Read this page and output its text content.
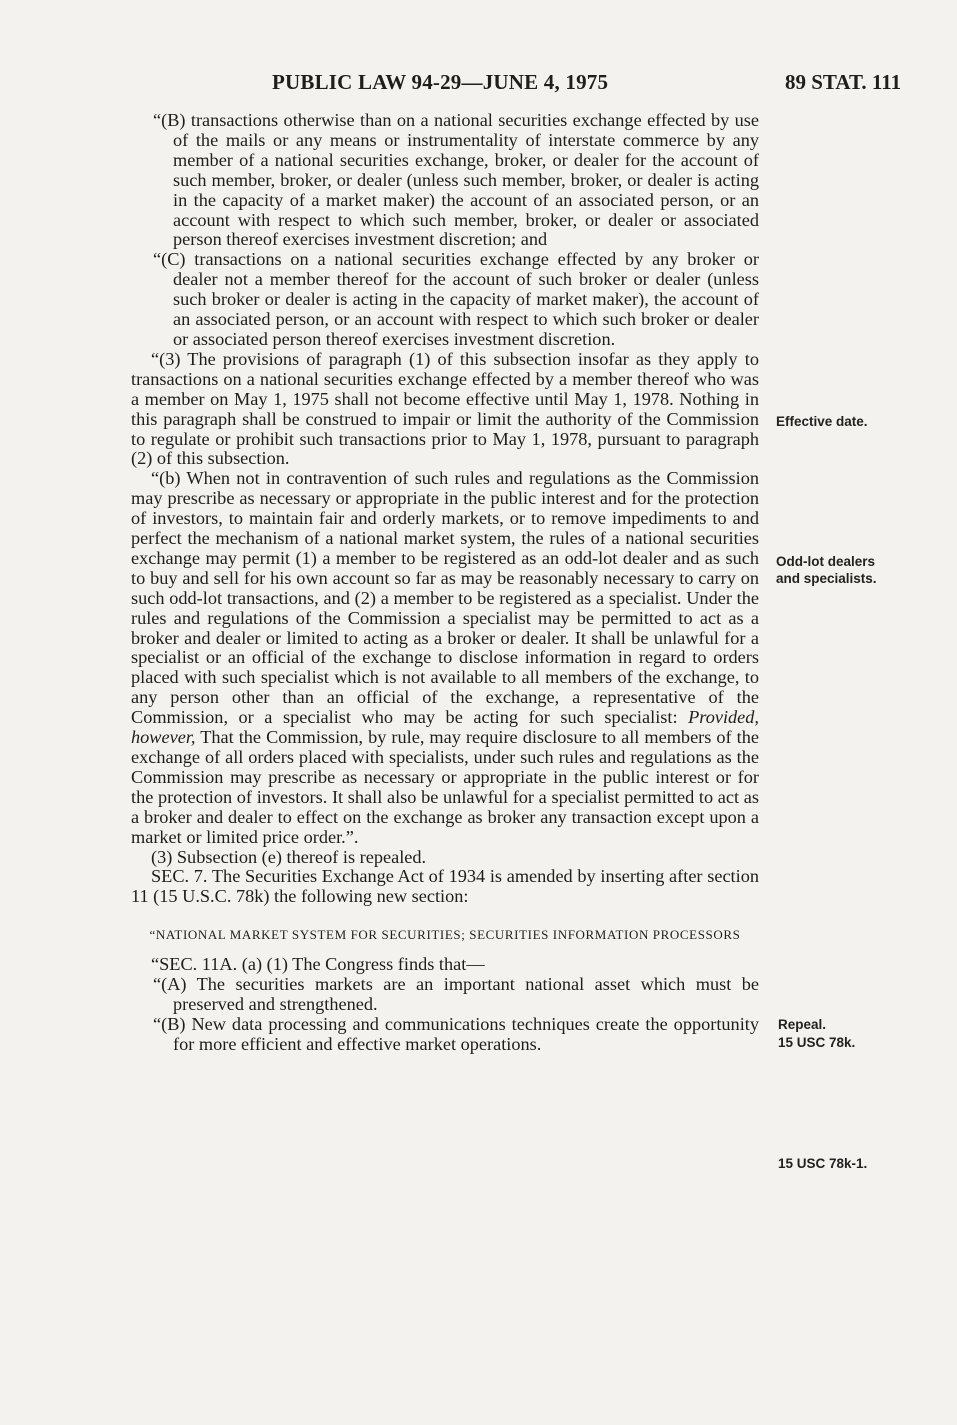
PUBLIC LAW 94-29—JUNE 4, 1975	89 STAT. 111

“(B) transactions otherwise than on a national securities exchange effected by use of the mails or any means or instrumentality of interstate commerce by any member of a national securities exchange, broker, or dealer for the account of such member, broker, or dealer (unless such member, broker, or dealer is acting in the capacity of a market maker) the account of an associated person, or an account with respect to which such member, broker, or dealer or associated person thereof exercises investment discretion; and

“(C) transactions on a national securities exchange effected by any broker or dealer not a member thereof for the account of such broker or dealer (unless such broker or dealer is acting in the capacity of market maker), the account of an associated person, or an account with respect to which such broker or dealer or associated person thereof exercises investment discretion.

“(3) The provisions of paragraph (1) of this subsection insofar as they apply to transactions on a national securities exchange effected by a member thereof who was a member on May 1, 1975 shall not become effective until May 1, 1978. Nothing in this paragraph shall be construed to impair or limit the authority of the Commission to regulate or prohibit such transactions prior to May 1, 1978, pursuant to paragraph (2) of this subsection.

“(b) When not in contravention of such rules and regulations as the Commission may prescribe as necessary or appropriate in the public interest and for the protection of investors, to maintain fair and orderly markets, or to remove impediments to and perfect the mechanism of a national market system, the rules of a national securities exchange may permit (1) a member to be registered as an odd-lot dealer and as such to buy and sell for his own account so far as may be reasonably necessary to carry on such odd-lot transactions, and (2) a member to be registered as a specialist. Under the rules and regulations of the Commission a specialist may be permitted to act as a broker and dealer or limited to acting as a broker or dealer. It shall be unlawful for a specialist or an official of the exchange to disclose information in regard to orders placed with such specialist which is not available to all members of the exchange, to any person other than an official of the exchange, a representative of the Commission, or a specialist who may be acting for such specialist: Provided, however, That the Commission, by rule, may require disclosure to all members of the exchange of all orders placed with specialists, under such rules and regulations as the Commission may prescribe as necessary or appropriate in the public interest or for the protection of investors. It shall also be unlawful for a specialist permitted to act as a broker and dealer to effect on the exchange as broker any transaction except upon a market or limited price order.”.

(3) Subsection (e) thereof is repealed.

SEC. 7. The Securities Exchange Act of 1934 is amended by inserting after section 11 (15 U.S.C. 78k) the following new section:

“NATIONAL MARKET SYSTEM FOR SECURITIES; SECURITIES INFORMATION PROCESSORS

“SEC. 11A. (a) (1) The Congress finds that—

“(A) The securities markets are an important national asset which must be preserved and strengthened.

“(B) New data processing and communications techniques create the opportunity for more efficient and effective market operations.

Effective date.
Odd-lot dealers
and specialists.
Repeal.
15 USC 78k.
15 USC 78k-1.
